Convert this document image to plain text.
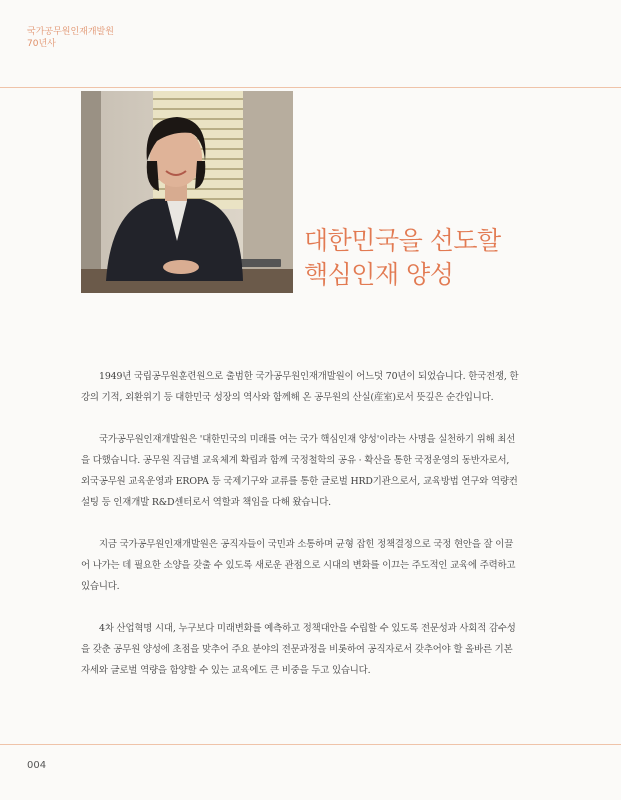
국가공무원인재개발원
70년사
대한민국을 선도할
핵심인재 양성

1949년 국립공무원훈련원으로 출범한 국가공무원인재개발원이 어느덧 70년이 되었습니다. 한국전쟁, 한강의 기적, 외환위기 등 대한민국 성장의 역사와 함께해 온 공무원의 산실(産室)로서 뜻깊은 순간입니다.

국가공무원인재개발원은 '대한민국의 미래를 여는 국가 핵심인재 양성'이라는 사명을 실천하기 위해 최선을 다했습니다. 공무원 직급별 교육체계 확립과 함께 국정철학의 공유 · 확산을 통한 국정운영의 동반자로서, 외국공무원 교육운영과 EROPA 등 국제기구와 교류를 통한 글로벌 HRD기관으로서, 교육방법 연구와 역량컨설팅 등 인재개발 R&D센터로서 역할과 책임을 다해 왔습니다.

지금 국가공무원인재개발원은 공직자들이 국민과 소통하며 균형 잡힌 정책결정으로 국정 현안을 잘 이끌어 나가는 데 필요한 소양을 갖출 수 있도록 새로운 관점으로 시대의 변화를 이끄는 주도적인 교육에 주력하고 있습니다.

4차 산업혁명 시대, 누구보다 미래변화를 예측하고 정책대안을 수립할 수 있도록 전문성과 사회적 감수성을 갖춘 공무원 양성에 초점을 맞추어 주요 분야의 전문과정을 비롯하여 공직자로서 갖추어야 할 올바른 기본자세와 글로벌 역량을 함양할 수 있는 교육에도 큰 비중을 두고 있습니다.

004
